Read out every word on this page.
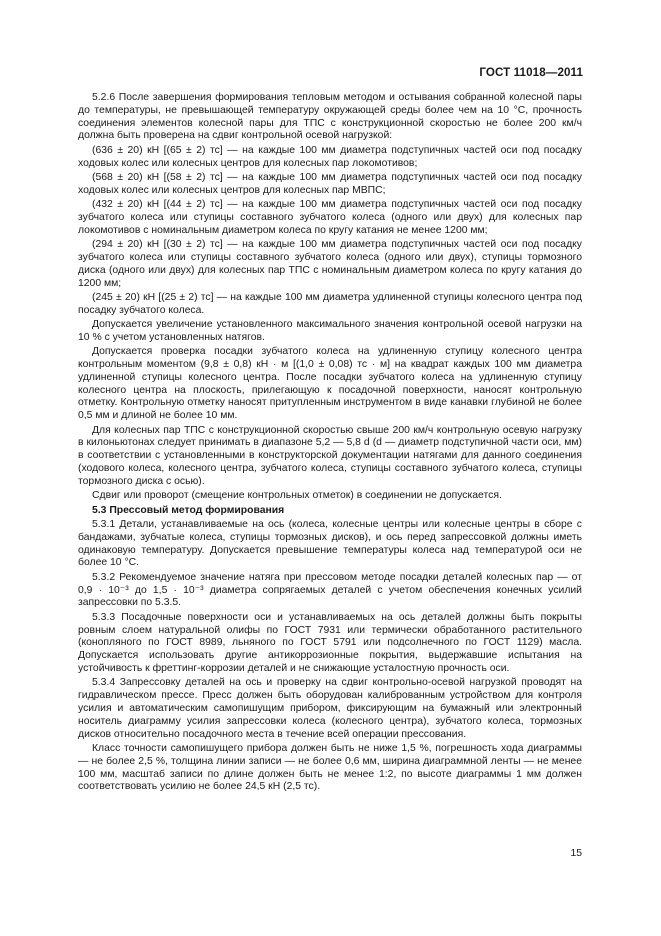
ГОСТ 11018—2011

5.2.6 После завершения формирования тепловым методом и остывания собранной колесной пары до температуры, не превышающей температуру окружающей среды более чем на 10 °С, прочность соединения элементов колесной пары для ТПС с конструкционной скоростью не более 200 км/ч должна быть проверена на сдвиг контрольной осевой нагрузкой:

(636 ± 20) кН [(65 ± 2) тс] — на каждые 100 мм диаметра подступичных частей оси под посадку ходовых колес или колесных центров для колесных пар локомотивов;

(568 ± 20) кН [(58 ± 2) тс] — на каждые 100 мм диаметра подступичных частей оси под посадку ходовых колес или колесных центров для колесных пар МВПС;

(432 ± 20) кН [(44 ± 2) тс] — на каждые 100 мм диаметра подступичных частей оси под посадку зубчатого колеса или ступицы составного зубчатого колеса (одного или двух) для колесных пар локомотивов с номинальным диаметром колеса по кругу катания не менее 1200 мм;

(294 ± 20) кН [(30 ± 2) тс] — на каждые 100 мм диаметра подступичных частей оси под посадку зубчатого колеса или ступицы составного зубчатого колеса (одного или двух), ступицы тормозного диска (одного или двух) для колесных пар ТПС с номинальным диаметром колеса по кругу катания до 1200 мм;

(245 ± 20) кН [(25 ± 2) тс] — на каждые 100 мм диаметра удлиненной ступицы колесного центра под посадку зубчатого колеса.

Допускается увеличение установленного максимального значения контрольной осевой нагрузки на 10 % с учетом установленных натягов.

Допускается проверка посадки зубчатого колеса на удлиненную ступицу колесного центра контрольным моментом (9,8 ± 0,8) кН · м [(1,0 ± 0,08) тс · м] на квадрат каждых 100 мм диаметра удлиненной ступицы колесного центра. После посадки зубчатого колеса на удлиненную ступицу колесного центра на плоскость, прилегающую к посадочной поверхности, наносят контрольную отметку. Контрольную отметку наносят притупленным инструментом в виде канавки глубиной не более 0,5 мм и длиной не более 10 мм.

Для колесных пар ТПС с конструкционной скоростью свыше 200 км/ч контрольную осевую нагрузку в килоньютонах следует принимать в диапазоне 5,2 — 5,8 d (d — диаметр подступичной части оси, мм) в соответствии с установленными в конструкторской документации натягами для данного соединения (ходового колеса, колесного центра, зубчатого колеса, ступицы составного зубчатого колеса, ступицы тормозного диска с осью).

Сдвиг или проворот (смещение контрольных отметок) в соединении не допускается.

5.3 Прессовый метод формирования

5.3.1 Детали, устанавливаемые на ось (колеса, колесные центры или колесные центры в сборе с бандажами, зубчатые колеса, ступицы тормозных дисков), и ось перед запрессовкой должны иметь одинаковую температуру. Допускается превышение температуры колеса над температурой оси не более 10 °С.

5.3.2 Рекомендуемое значение натяга при прессовом методе посадки деталей колесных пар — от 0,9 · 10⁻³ до 1,5 · 10⁻³ диаметра сопрягаемых деталей с учетом обеспечения конечных усилий запрессовки по 5.3.5.

5.3.3 Посадочные поверхности оси и устанавливаемых на ось деталей должны быть покрыты ровным слоем натуральной олифы по ГОСТ 7931 или термически обработанного растительного (конопляного по ГОСТ 8989, льняного по ГОСТ 5791 или подсолнечного по ГОСТ 1129) масла. Допускается использовать другие антикоррозионные покрытия, выдержавшие испытания на устойчивость к фреттинг-коррозии деталей и не снижающие усталостную прочность оси.

5.3.4 Запрессовку деталей на ось и проверку на сдвиг контрольно-осевой нагрузкой проводят на гидравлическом прессе. Пресс должен быть оборудован калиброванным устройством для контроля усилия и автоматическим самопишущим прибором, фиксирующим на бумажный или электронный носитель диаграмму усилия запрессовки колеса (колесного центра), зубчатого колеса, тормозных дисков относительно посадочного места в течение всей операции прессования.

Класс точности самопишущего прибора должен быть не ниже 1,5 %, погрешность хода диаграммы — не более 2,5 %, толщина линии записи — не более 0,6 мм, ширина диаграммной ленты — не менее 100 мм, масштаб записи по длине должен быть не менее 1:2, по высоте диаграммы 1 мм должен соответствовать усилию не более 24,5 кН (2,5 тс).

15
